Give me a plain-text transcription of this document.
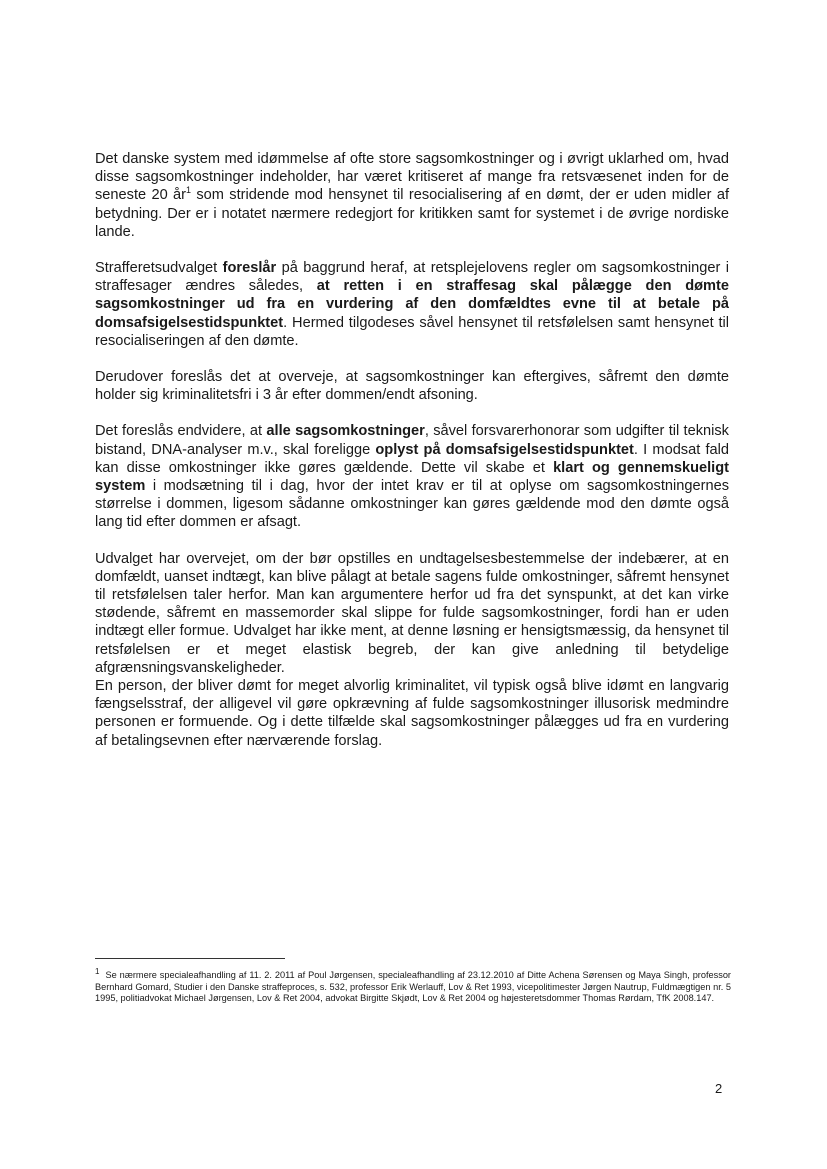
Det danske system med idømmelse af ofte store sagsomkostninger og i øvrigt uklarhed om, hvad disse sagsomkostninger indeholder, har været kritiseret af mange fra retsvæsenet inden for de seneste 20 $år^1$ som stridende mod hensynet til resocialisering af en dømt, der er uden midler af betydning. Der er i notatet nærmere redegjort for kritikken samt for systemet i de øvrige nordiske lande.

Strafferetsudvalget foreslår på baggrund heraf, at retsplejelovens regler om sagsomkostninger i straffesager ændres således, at retten i en straffesag skal pålægge den dømte sagsomkostninger ud fra en vurdering af den domfældtes evne til at betale på domsafsigelsestidspunktet. Hermed tilgodeses såvel hensynet til retsfølelsen samt hensynet til resocialiseringen af den dømte.

Derudover foreslås det at overveje, at sagsomkostninger kan eftergives, såfremt den dømte holder sig kriminalitetsfri i 3 år efter dommen/endt afsoning.

Det foreslås endvidere, at alle sagsomkostninger, såvel forsvarerhonorar som udgifter til teknisk bistand, DNA-analyser m.v., skal foreligge oplyst på domsafsigelsestidspunktet. I modsat fald kan disse omkostninger ikke gøres gældende. Dette vil skabe et klart og gennemskueligt system i modsætning til i dag, hvor der intet krav er til at oplyse om sagsomkostningernes størrelse i dommen, ligesom sådanne omkostninger kan gøres gældende mod den dømte også lang tid efter dommen er afsagt.

Udvalget har overvejet, om der bør opstilles en undtagelsesbestemmelse der indebærer, at en domfældt, uanset indtægt, kan blive pålagt at betale sagens fulde omkostninger, såfremt hensynet til retsfølelsen taler herfor. Man kan argumentere herfor ud fra det synspunkt, at det kan virke stødende, såfremt en massemorder skal slippe for fulde sagsomkostninger, fordi han er uden indtægt eller formue. Udvalget har ikke ment, at denne løsning er hensigtsmæssig, da hensynet til retsfølelsen er et meget elastisk begreb, der kan give anledning til betydelige afgrænsningsvanskeligheder.

En person, der bliver dømt for meget alvorlig kriminalitet, vil typisk også blive idømt en langvarig fængselsstraf, der alligevel vil gøre opkrævning af fulde sagsomkostninger illusorisk medmindre personen er formuende. Og i dette tilfælde skal sagsomkostninger pålægges ud fra en vurdering af betalingsevnen efter nærværende forslag.

1 Se nærmere specialeafhandling af 11. 2. 2011 af Poul Jørgensen, specialeafhandling af 23.12.2010 af Ditte Achena Sørensen og Maya Singh, professor Bernhard Gomard, Studier i den Danske straffeproces, s. 532, professor Erik Werlauff, Lov & Ret 1993, vicepolitimester Jørgen Nautrup, Fuldmægtigen nr. 5 1995, politiadvokat Michael Jørgensen, Lov & Ret 2004, advokat Birgitte Skjødt, Lov & Ret 2004 og højesteretsdommer Thomas Rørdam, TfK 2008.147.
2
